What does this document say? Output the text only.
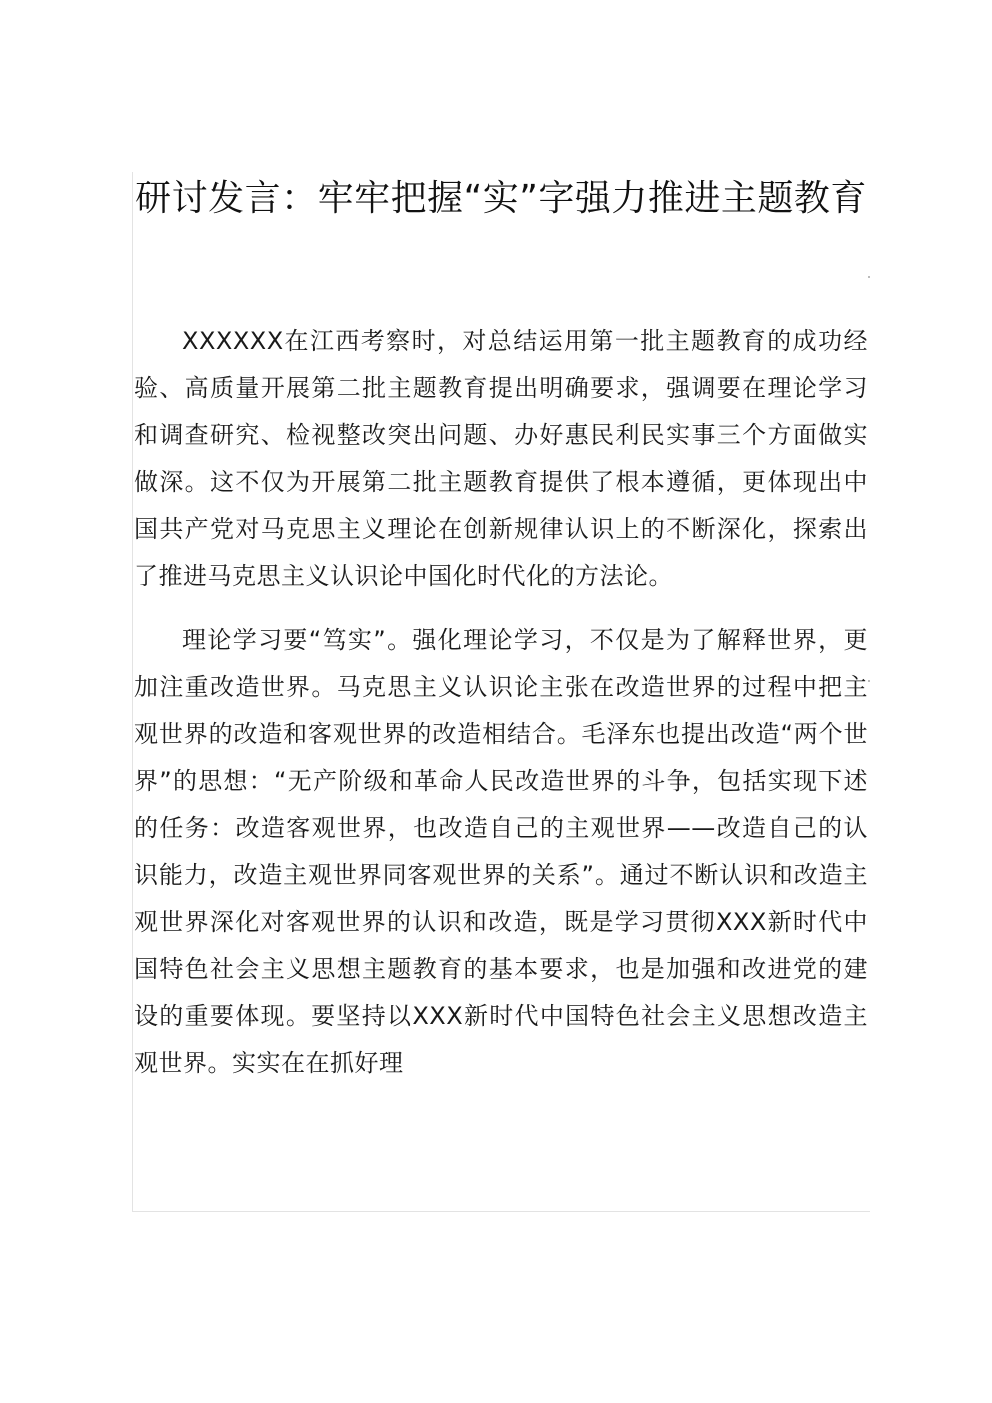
研讨发言：牢牢把握“实”字强力推进主题教育

XXXXXX在江西考察时，对总结运用第一批主题教育的成功经验、高质量开展第二批主题教育提出明确要求，强调要在理论学习和调查研究、检视整改突出问题、办好惠民利民实事三个方面做实做深。这不仅为开展第二批主题教育提供了根本遵循，更体现出中国共产党对马克思主义理论在创新规律认识上的不断深化，探索出了推进马克思主义认识论中国化时代化的方法论。

理论学习要“笃实”。强化理论学习，不仅是为了解释世界，更加注重改造世界。马克思主义认识论主张在改造世界的过程中把主观世界的改造和客观世界的改造相结合。毛泽东也提出改造“两个世界”的思想：“无产阶级和革命人民改造世界的斗争，包括实现下述的任务：改造客观世界，也改造自己的主观世界——改造自己的认识能力，改造主观世界同客观世界的关系”。通过不断认识和改造主观世界深化对客观世界的认识和改造，既是学习贯彻XXX新时代中国特色社会主义思想主题教育的基本要求，也是加强和改进党的建设的重要体现。要坚持以XXX新时代中国特色社会主义思想改造主观世界。实实在在抓好理
